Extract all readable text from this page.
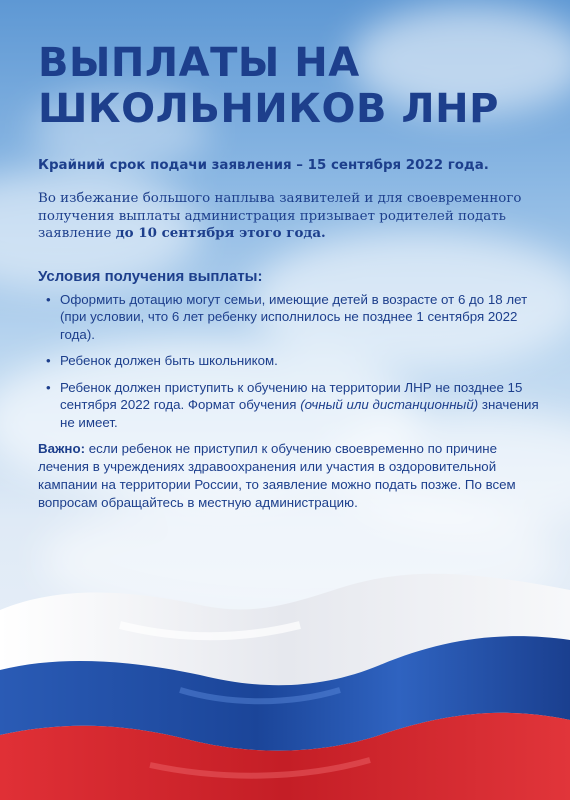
ВЫПЛАТЫ НА
ШКОЛЬНИКОВ ЛНР
Крайний срок подачи заявления – 15 сентября 2022 года.
Во избежание большого наплыва заявителей и для своевременного получения выплаты администрация призывает родителей подать заявление до 10 сентября этого года.
Условия получения выплаты:
• Оформить дотацию могут семьи, имеющие детей в возрасте от 6 до 18 лет (при условии, что 6 лет ребенку исполнилось не позднее 1 сентября 2022 года).
• Ребенок должен быть школьником.
• Ребенок должен приступить к обучению на территории ЛНР не позднее 15 сентября 2022 года. Формат обучения (очный или дистанционный) значения не имеет.
Важно: если ребенок не приступил к обучению своевременно по причине лечения в учреждениях здравоохранения или участия в оздоровительной кампании на территории России, то заявление можно подать позже. По всем вопросам обращайтесь в местную администрацию.
